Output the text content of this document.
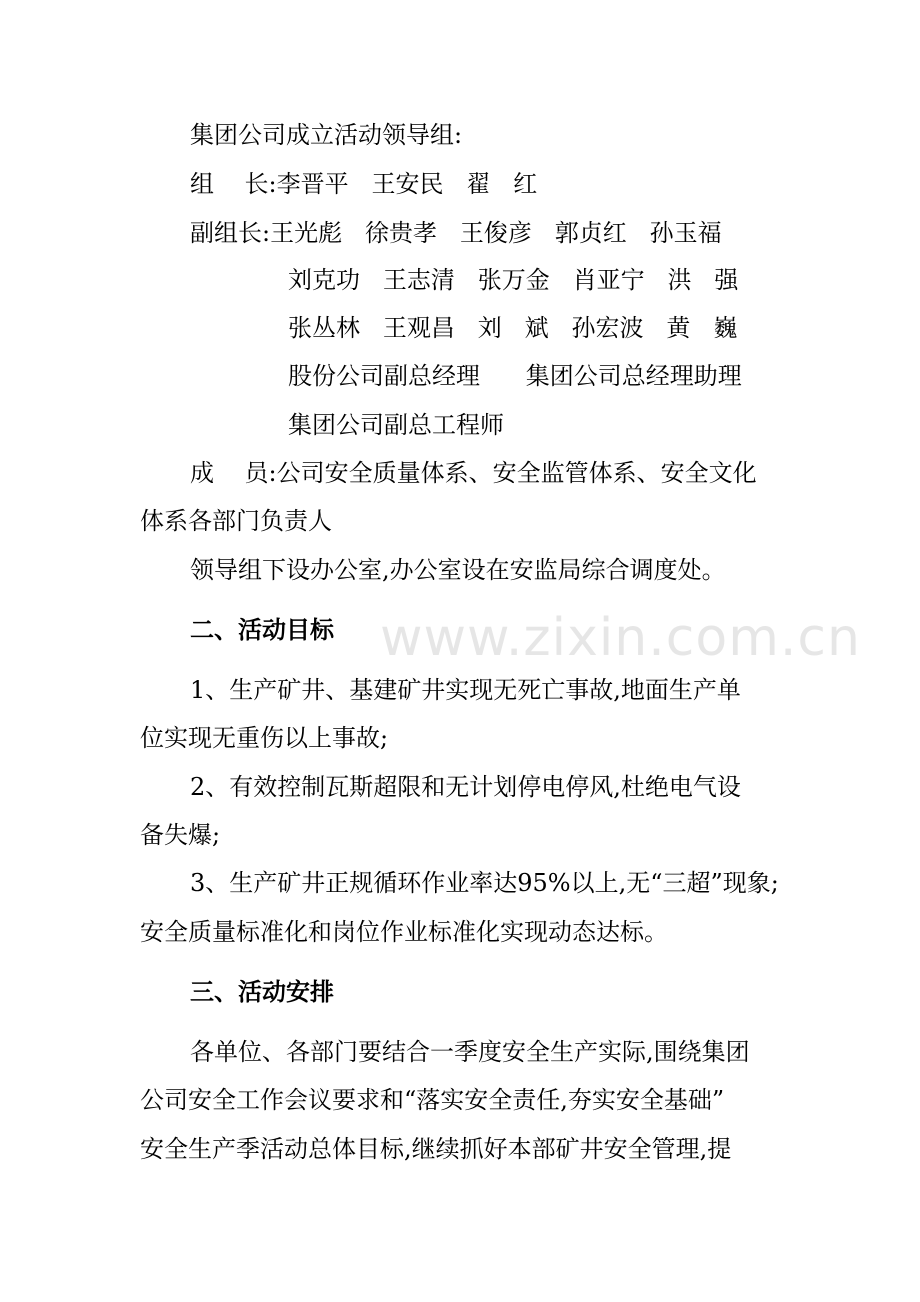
www.zixin.com.cn
集团公司成立活动领导组:
组    长:李晋平   王安民   翟   红
副组长:王光彪   徐贵孝   王俊彦   郭贞红   孙玉福
刘克功   王志清   张万金   肖亚宁   洪   强
张丛林   王观昌   刘   斌   孙宏波   黄   巍
股份公司副总经理      集团公司总经理助理
集团公司副总工程师
成    员:公司安全质量体系、安全监管体系、安全文化
体系各部门负责人
领导组下设办公室,办公室设在安监局综合调度处。
二、活动目标
1、生产矿井、基建矿井实现无死亡事故,地面生产单
位实现无重伤以上事故;
2、有效控制瓦斯超限和无计划停电停风,杜绝电气设
备失爆;
3、生产矿井正规循环作业率达95%以上,无“三超”现象;
安全质量标准化和岗位作业标准化实现动态达标。
三、活动安排
各单位、各部门要结合一季度安全生产实际,围绕集团
公司安全工作会议要求和“落实安全责任,夯实安全基础”
安全生产季活动总体目标,继续抓好本部矿井安全管理,提
